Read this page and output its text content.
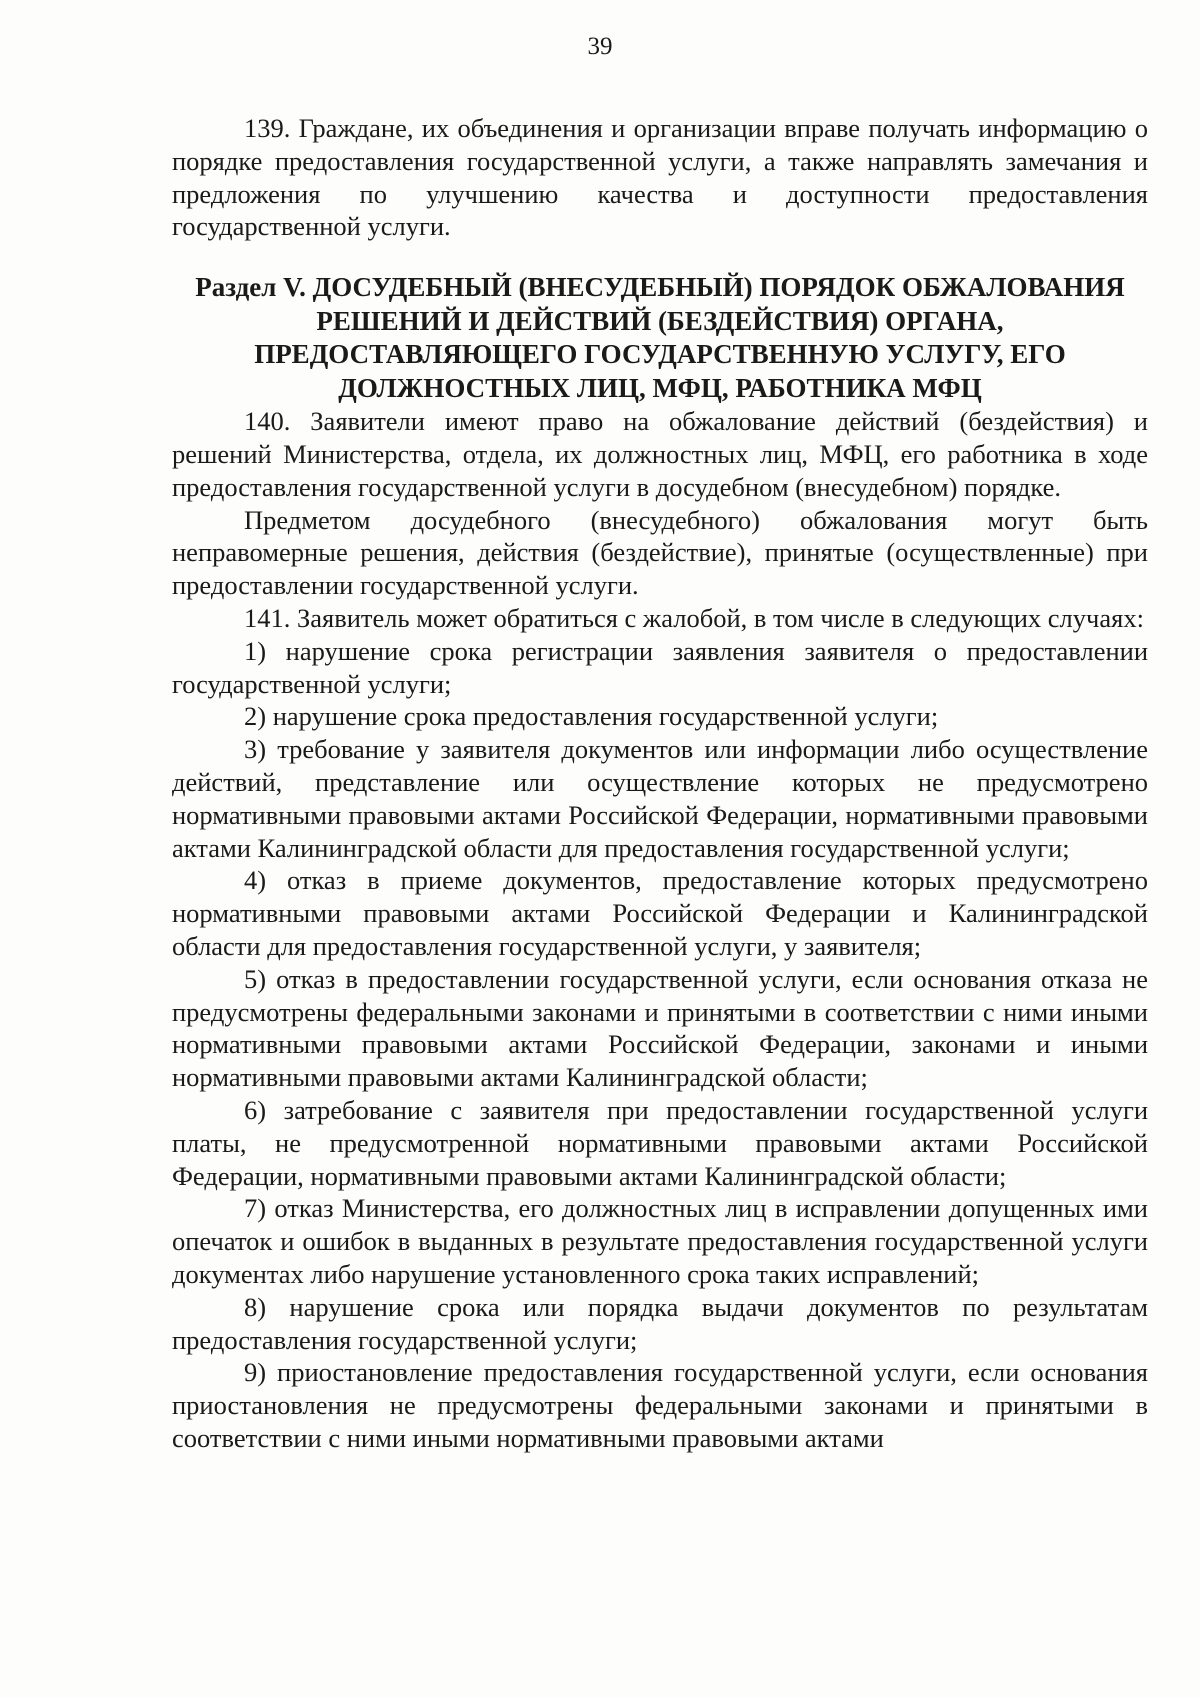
39

139. Граждане, их объединения и организации вправе получать информацию о порядке предоставления государственной услуги, а также направлять замечания и предложения по улучшению качества и доступности предоставления государственной услуги.

Раздел V. ДОСУДЕБНЫЙ (ВНЕСУДЕБНЫЙ) ПОРЯДОК ОБЖАЛОВАНИЯ РЕШЕНИЙ И ДЕЙСТВИЙ (БЕЗДЕЙСТВИЯ) ОРГАНА, ПРЕДОСТАВЛЯЮЩЕГО ГОСУДАРСТВЕННУЮ УСЛУГУ, ЕГО ДОЛЖНОСТНЫХ ЛИЦ, МФЦ, РАБОТНИКА МФЦ

140. Заявители имеют право на обжалование действий (бездействия) и решений Министерства, отдела, их должностных лиц, МФЦ, его работника в ходе предоставления государственной услуги в досудебном (внесудебном) порядке.

Предметом досудебного (внесудебного) обжалования могут быть неправомерные решения, действия (бездействие), принятые (осуществленные) при предоставлении государственной услуги.

141. Заявитель может обратиться с жалобой, в том числе в следующих случаях:

1) нарушение срока регистрации заявления заявителя о предоставлении государственной услуги;

2) нарушение срока предоставления государственной услуги;

3) требование у заявителя документов или информации либо осуществление действий, представление или осуществление которых не предусмотрено нормативными правовыми актами Российской Федерации, нормативными правовыми актами Калининградской области для предоставления государственной услуги;

4) отказ в приеме документов, предоставление которых предусмотрено нормативными правовыми актами Российской Федерации и Калининградской области для предоставления государственной услуги, у заявителя;

5) отказ в предоставлении государственной услуги, если основания отказа не предусмотрены федеральными законами и принятыми в соответствии с ними иными нормативными правовыми актами Российской Федерации, законами и иными нормативными правовыми актами Калининградской области;

6) затребование с заявителя при предоставлении государственной услуги платы, не предусмотренной нормативными правовыми актами Российской Федерации, нормативными правовыми актами Калининградской области;

7) отказ Министерства, его должностных лиц в исправлении допущенных ими опечаток и ошибок в выданных в результате предоставления государственной услуги документах либо нарушение установленного срока таких исправлений;

8) нарушение срока или порядка выдачи документов по результатам предоставления государственной услуги;

9) приостановление предоставления государственной услуги, если основания приостановления не предусмотрены федеральными законами и принятыми в соответствии с ними иными нормативными правовыми актами
